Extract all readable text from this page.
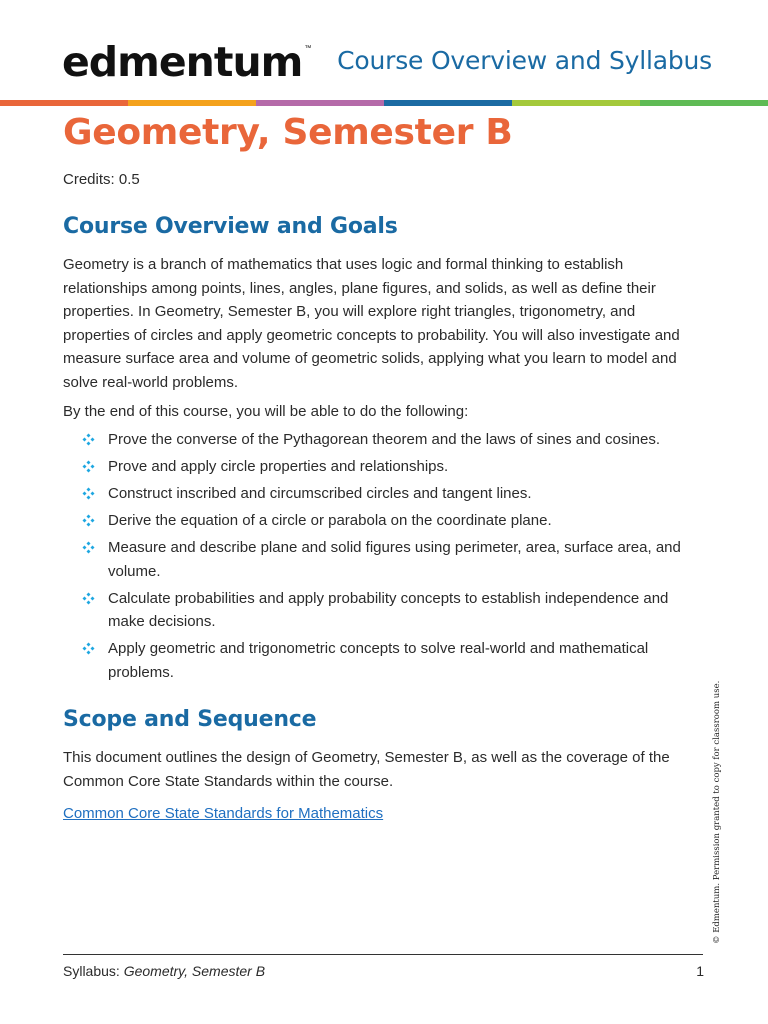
edmentum ™ Course Overview and Syllabus
Geometry, Semester B
Credits: 0.5
Course Overview and Goals
Geometry is a branch of mathematics that uses logic and formal thinking to establish relationships among points, lines, angles, plane figures, and solids, as well as define their properties. In Geometry, Semester B, you will explore right triangles, trigonometry, and properties of circles and apply geometric concepts to probability. You will also investigate and measure surface area and volume of geometric solids, applying what you learn to model and solve real-world problems.
By the end of this course, you will be able to do the following:
Prove the converse of the Pythagorean theorem and the laws of sines and cosines.
Prove and apply circle properties and relationships.
Construct inscribed and circumscribed circles and tangent lines.
Derive the equation of a circle or parabola on the coordinate plane.
Measure and describe plane and solid figures using perimeter, area, surface area, and volume.
Calculate probabilities and apply probability concepts to establish independence and make decisions.
Apply geometric and trigonometric concepts to solve real-world and mathematical problems.
Scope and Sequence
This document outlines the design of Geometry, Semester B, as well as the coverage of the Common Core State Standards within the course.
Common Core State Standards for Mathematics	© Edmentum. Permission granted to copy for classroom use.
Syllabus: Geometry, Semester B	1
